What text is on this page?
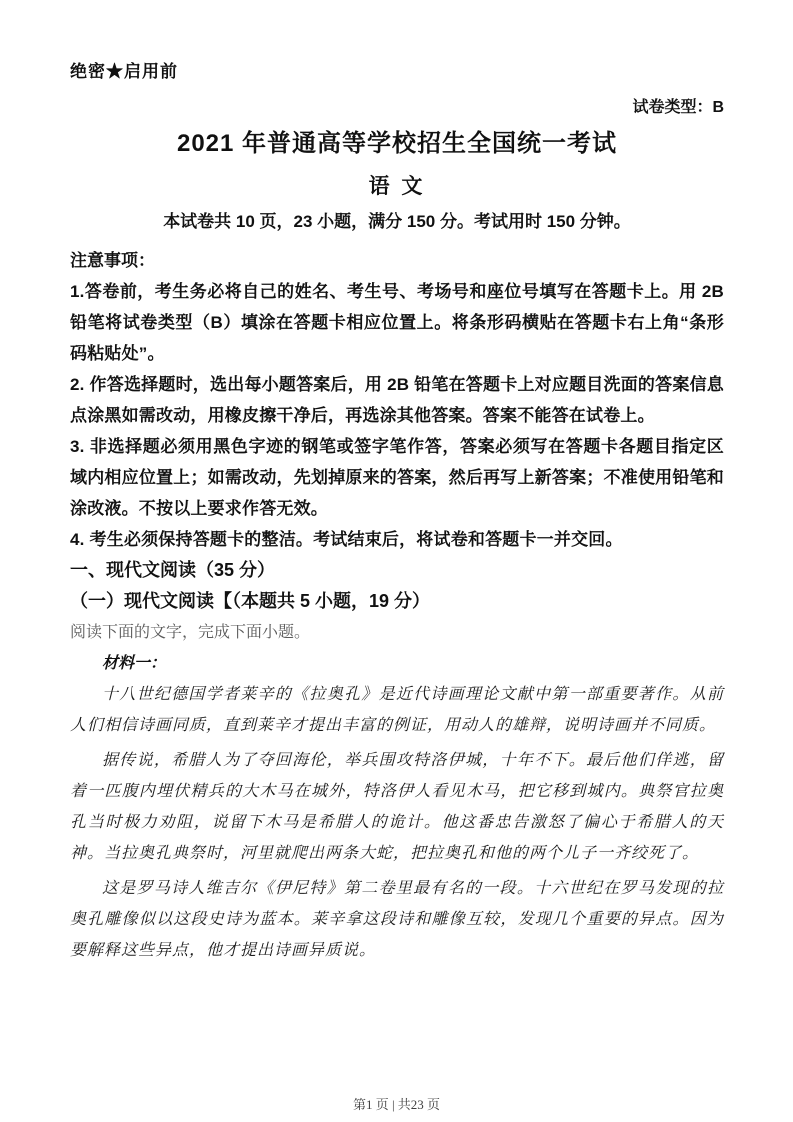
绝密★启用前
试卷类型：B
2021 年普通高等学校招生全国统一考试
语 文
本试卷共 10 页，23 小题，满分 150 分。考试用时 150 分钟。
注意事项：
1.答卷前，考生务必将自己的姓名、考生号、考场号和座位号填写在答题卡上。用 2B 铅笔将试卷类型（B）填涂在答题卡相应位置上。将条形码横贴在答题卡右上角“条形码粘贴处”。
2. 作答选择题时，选出每小题答案后，用 2B 铅笔在答题卡上对应题目洗面的答案信息点涂黑如需改动，用橡皮擦干净后，再选涂其他答案。答案不能答在试卷上。
3. 非选择题必须用黑色字迹的钢笔或签字笔作答，答案必须写在答题卡各题目指定区域内相应位置上；如需改动，先划掉原来的答案，然后再写上新答案；不准使用铅笔和涂改液。不按以上要求作答无效。
4. 考生必须保持答题卡的整洁。考试结束后，将试卷和答题卡一并交回。
一、现代文阅读（35 分）
（一）现代文阅读【（本题共 5 小题，19 分）
阅读下面的文字，完成下面小题。
材料一：

十八世纪德国学者莱辛的《拉奥孔》是近代诗画理论文献中第一部重要著作。从前人们相信诗画同质，直到莱辛才提出丰富的例证，用动人的雄辩，说明诗画并不同质。

据传说，希腊人为了夺回海伦，举兵围攻特洛伊城，十年不下。最后他们佯逃，留着一匹腹内埋伏精兵的大木马在城外，特洛伊人看见木马，把它移到城内。典祭官拉奥孔当时极力劝阻，说留下木马是希腊人的诡计。他这番忠告激怒了偏心于希腊人的天神。当拉奥孔典祭时，河里就爬出两条大蛇，把拉奥孔和他的两个儿子一齐绞死了。

这是罗马诗人维吉尔《伊尼特》第二卷里最有名的一段。十六世纪在罗马发现的拉奥孔雕像似以这段史诗为蓝本。莱辛拿这段诗和雕像互较，发现几个重要的异点。因为要解释这些异点，他才提出诗画异质说。

第1 页 | 共23 页
